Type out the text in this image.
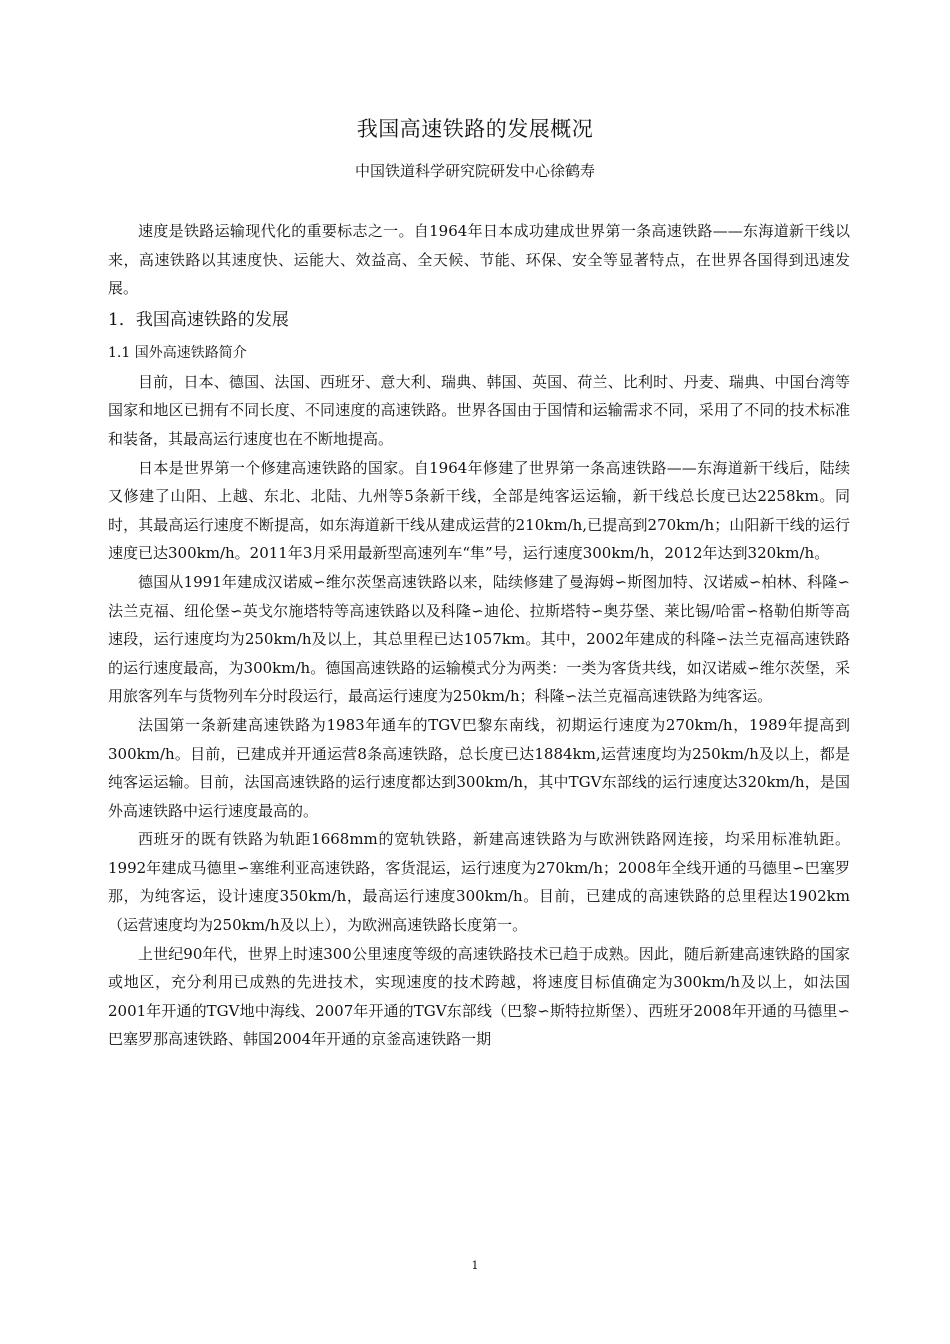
我国高速铁路的发展概况
中国铁道科学研究院研发中心徐鹤寿

速度是铁路运输现代化的重要标志之一。自1964年日本成功建成世界第一条高速铁路——东海道新干线以来，高速铁路以其速度快、运能大、效益高、全天候、节能、环保、安全等显著特点，在世界各国得到迅速发展。

1．我国高速铁路的发展

1.1 国外高速铁路简介

目前，日本、德国、法国、西班牙、意大利、瑞典、韩国、英国、荷兰、比利时、丹麦、瑞典、中国台湾等国家和地区已拥有不同长度、不同速度的高速铁路。世界各国由于国情和运输需求不同，采用了不同的技术标准和装备，其最高运行速度也在不断地提高。

日本是世界第一个修建高速铁路的国家。自1964年修建了世界第一条高速铁路——东海道新干线后，陆续又修建了山阳、上越、东北、北陆、九州等5条新干线，全部是纯客运运输，新干线总长度已达2258km。同时，其最高运行速度不断提高，如东海道新干线从建成运营的210km/h,已提高到270km/h；山阳新干线的运行速度已达300km/h。2011年3月采用最新型高速列车“隼”号，运行速度300km/h，2012年达到320km/h。

德国从1991年建成汉诺威∽维尔茨堡高速铁路以来，陆续修建了曼海姆∽斯图加特、汉诺威∽柏林、科隆∽法兰克福、纽伦堡∽英戈尔施塔特等高速铁路以及科隆∽迪伦、拉斯塔特∽奥芬堡、莱比锡/哈雷∽格勒伯斯等高速段，运行速度均为250km/h及以上，其总里程已达1057km。其中，2002年建成的科隆∽法兰克福高速铁路的运行速度最高，为300km/h。德国高速铁路的运输模式分为两类：一类为客货共线，如汉诺威∽维尔茨堡，采用旅客列车与货物列车分时段运行，最高运行速度为250km/h；科隆∽法兰克福高速铁路为纯客运。

法国第一条新建高速铁路为1983年通车的TGV巴黎东南线，初期运行速度为270km/h，1989年提高到300km/h。目前，已建成并开通运营8条高速铁路，总长度已达1884km,运营速度均为250km/h及以上，都是纯客运运输。目前，法国高速铁路的运行速度都达到300km/h，其中TGV东部线的运行速度达320km/h，是国外高速铁路中运行速度最高的。

西班牙的既有铁路为轨距1668mm的宽轨铁路，新建高速铁路为与欧洲铁路网连接，均采用标准轨距。1992年建成马德里∽塞维利亚高速铁路，客货混运，运行速度为270km/h；2008年全线开通的马德里∽巴塞罗那，为纯客运，设计速度350km/h，最高运行速度300km/h。目前，已建成的高速铁路的总里程达1902km（运营速度均为250km/h及以上），为欧洲高速铁路长度第一。

上世纪90年代，世界上时速300公里速度等级的高速铁路技术已趋于成熟。因此，随后新建高速铁路的国家或地区，充分利用已成熟的先进技术，实现速度的技术跨越，将速度目标值确定为300km/h及以上，如法国2001年开通的TGV地中海线、2007年开通的TGV东部线（巴黎∽斯特拉斯堡）、西班牙2008年开通的马德里∽巴塞罗那高速铁路、韩国2004年开通的京釜高速铁路一期

1
